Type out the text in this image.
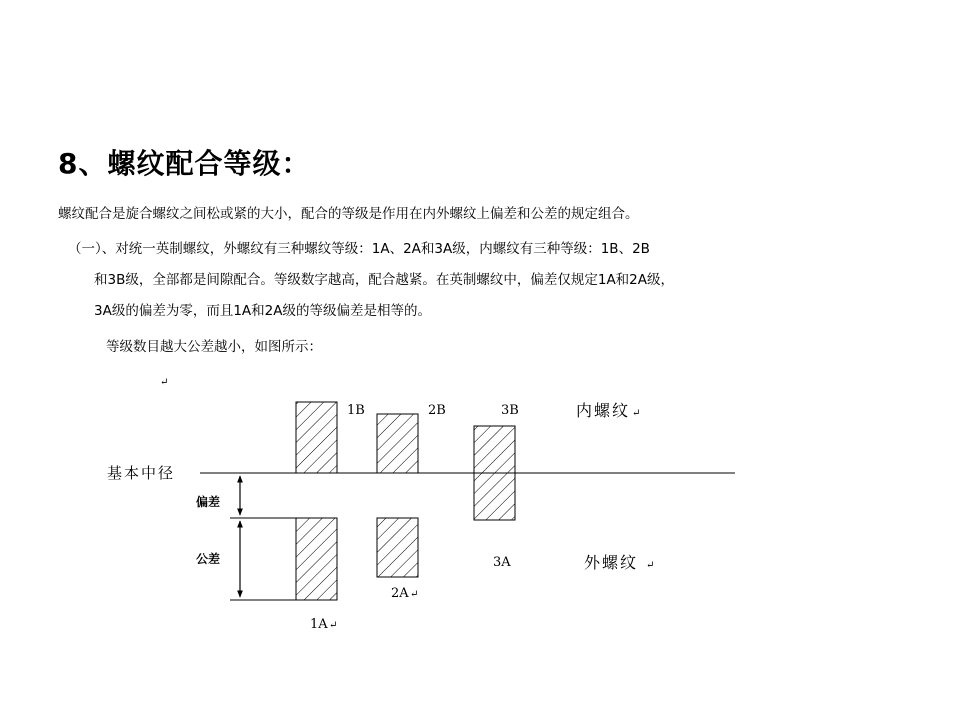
8、螺纹配合等级：
螺纹配合是旋合螺纹之间松或紧的大小，配合的等级是作用在内外螺纹上偏差和公差的规定组合。
（一）、对统一英制螺纹，外螺纹有三种螺纹等级：1A、2A和3A级，内螺纹有三种等级：1B、2B
和3B级，全部都是间隙配合。等级数字越高，配合越紧。在英制螺纹中，偏差仅规定1A和2A级，
3A级的偏差为零，而且1A和2A级的等级偏差是相等的。
等级数目越大公差越小，如图所示：
↵
基本中径
1B	2B	3B
3A
2A ↵
1A ↵
内螺纹 ↵
外螺纹 ↵
偏差
公差
